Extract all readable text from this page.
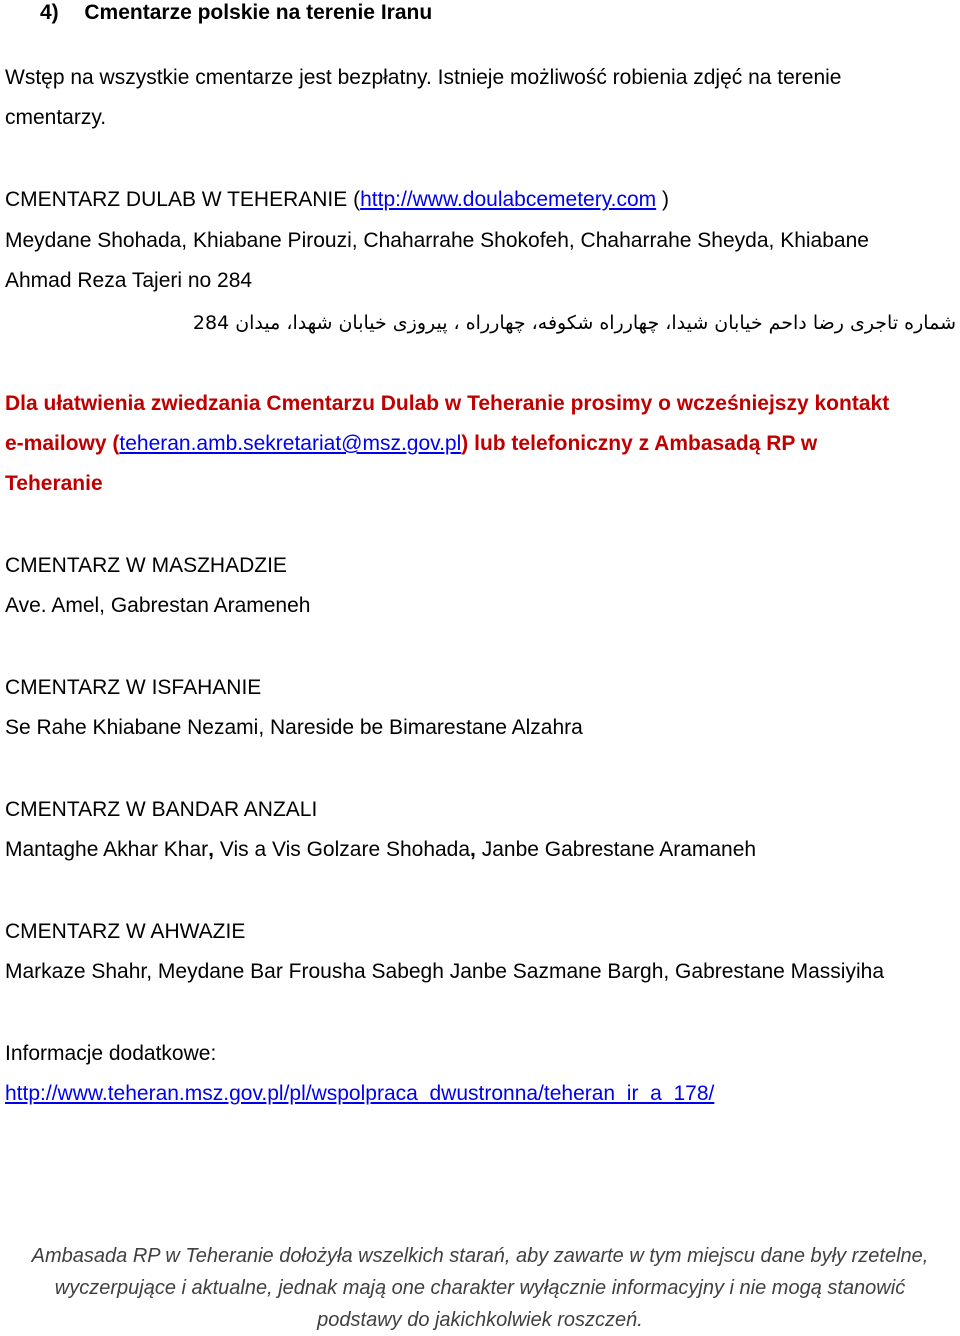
4) Cmentarze polskie na terenie Iranu
Wstęp na wszystkie cmentarze jest bezpłatny. Istnieje możliwość robienia zdjęć na terenie
cmentarzy.
CMENTARZ DULAB W TEHERANIE (http://www.doulabcemetery.com )
Meydane Shohada, Khiabane Pirouzi, Chaharrahe Shokofeh, Chaharrahe Sheyda, Khiabane
Ahmad Reza Tajeri no 284
شماره تاجری رضا داحم خیابان شیدا، چهارراه شکوفه، چهارراه ، پیروزی خیابان شهدا، میدان 284
Dla ułatwienia zwiedzania Cmentarzu Dulab w Teheranie prosimy o wcześniejszy kontakt
e-mailowy (teheran.amb.sekretariat@msz.gov.pl) lub telefoniczny z Ambasadą RP w
Teheranie
CMENTARZ W MASZHADZIE
Ave. Amel, Gabrestan Arameneh
CMENTARZ W ISFAHANIE
Se Rahe Khiabane Nezami, Nareside be Bimarestane Alzahra
CMENTARZ W BANDAR ANZALI
Mantaghe Akhar Khar, Vis a Vis Golzare Shohada, Janbe Gabrestane Aramaneh
CMENTARZ W AHWAZIE
Markaze Shahr, Meydane Bar Frousha Sabegh Janbe Sazmane Bargh, Gabrestane Massiyiha
Informacje dodatkowe:
http://www.teheran.msz.gov.pl/pl/wspolpraca_dwustronna/teheran_ir_a_178/
Ambasada RP w Teheranie dołożyła wszelkich starań, aby zawarte w tym miejscu dane były rzetelne,
wyczerpujące i aktualne, jednak mają one charakter wyłącznie informacyjny i nie mogą stanowić
podstawy do jakichkolwiek roszczeń.
